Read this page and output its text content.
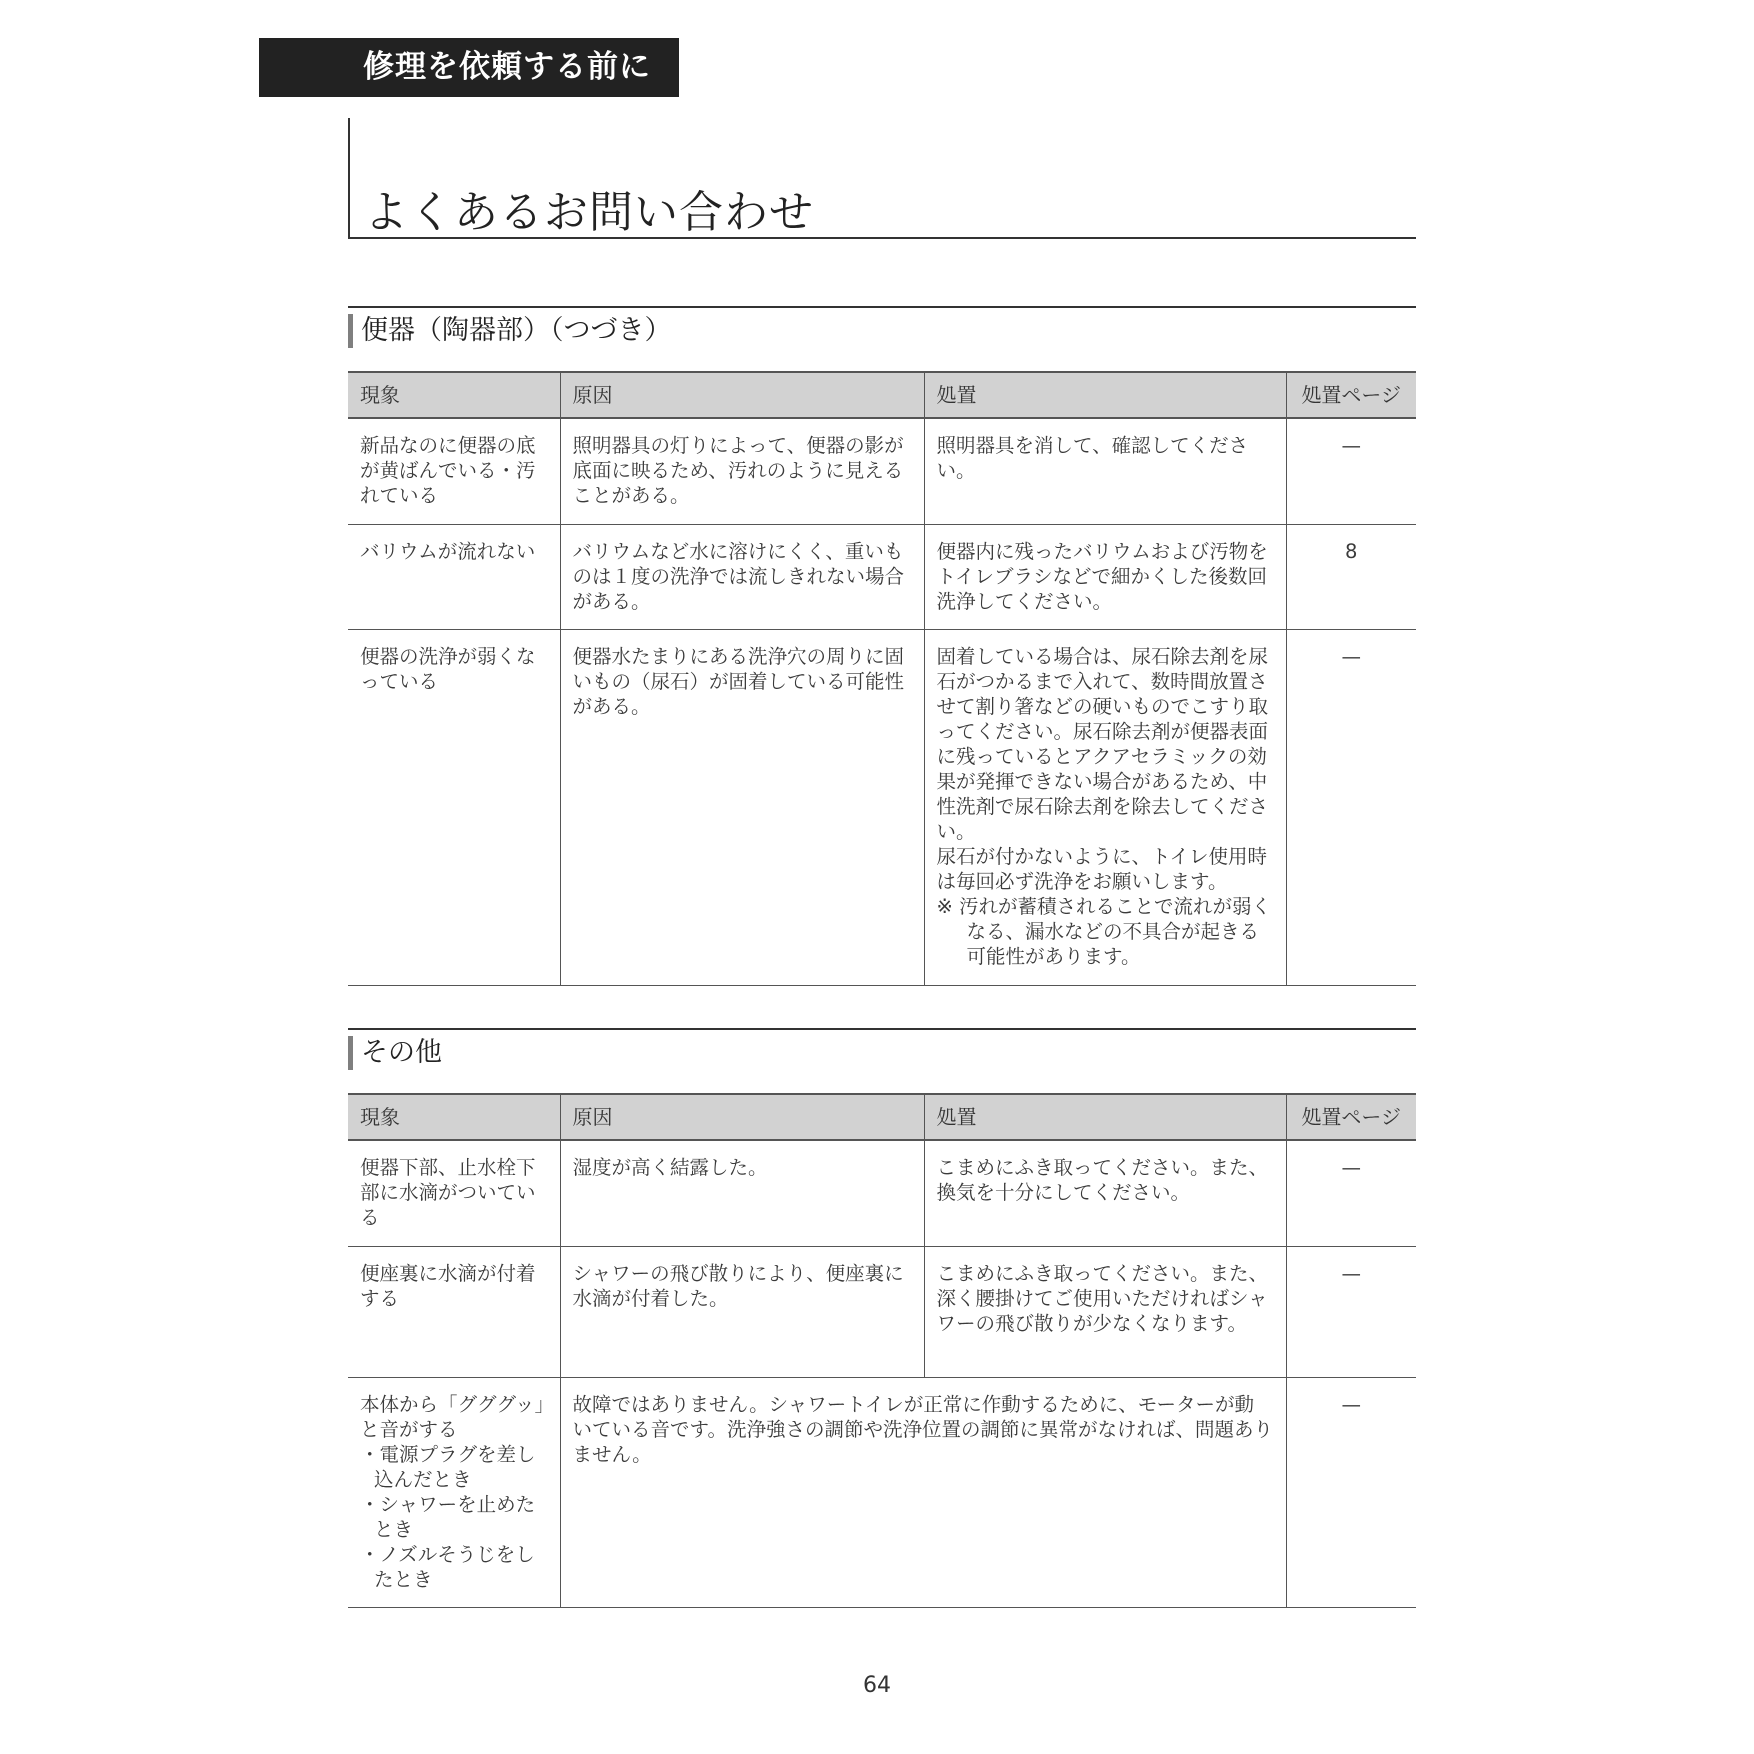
修理を依頼する前に
よくあるお問い合わせ
便器（陶器部）（つづき）
現象	原因	処置	処置ページ
新品なのに便器の底が黄ばんでいる・汚れている	照明器具の灯りによって、便器の影が底面に映るため、汚れのように見えることがある。	照明器具を消して、確認してください。	—
バリウムが流れない	バリウムなど水に溶けにくく、重いものは１度の洗浄では流しきれない場合がある。	便器内に残ったバリウムおよび汚物をトイレブラシなどで細かくした後数回洗浄してください。	8
便器の洗浄が弱くなっている	便器水たまりにある洗浄穴の周りに固いもの（尿石）が固着している可能性がある。	固着している場合は、尿石除去剤を尿石がつかるまで入れて、数時間放置させて割り箸などの硬いものでこすり取ってください。尿石除去剤が便器表面に残っているとアクアセラミックの効果が発揮できない場合があるため、中性洗剤で尿石除去剤を除去してください。
尿石が付かないように、トイレ使用時は毎回必ず洗浄をお願いします。
※ 汚れが蓄積されることで流れが弱くなる、漏水などの不具合が起きる可能性があります。	—
その他
現象	原因	処置	処置ページ
便器下部、止水栓下部に水滴がついている	湿度が高く結露した。	こまめにふき取ってください。また、換気を十分にしてください。	—
便座裏に水滴が付着する	シャワーの飛び散りにより、便座裏に水滴が付着した。	こまめにふき取ってください。また、深く腰掛けてご使用いただければシャワーの飛び散りが少なくなります。	—

本体から「グググッ」と音がする
・電源プラグを差し込んだとき
・シャワーを止めたとき
・ノズルそうじをしたとき	故障ではありません。シャワートイレが正常に作動するために、モーターが動いている音です。洗浄強さの調節や洗浄位置の調節に異常がなければ、問題ありません。		—
64
